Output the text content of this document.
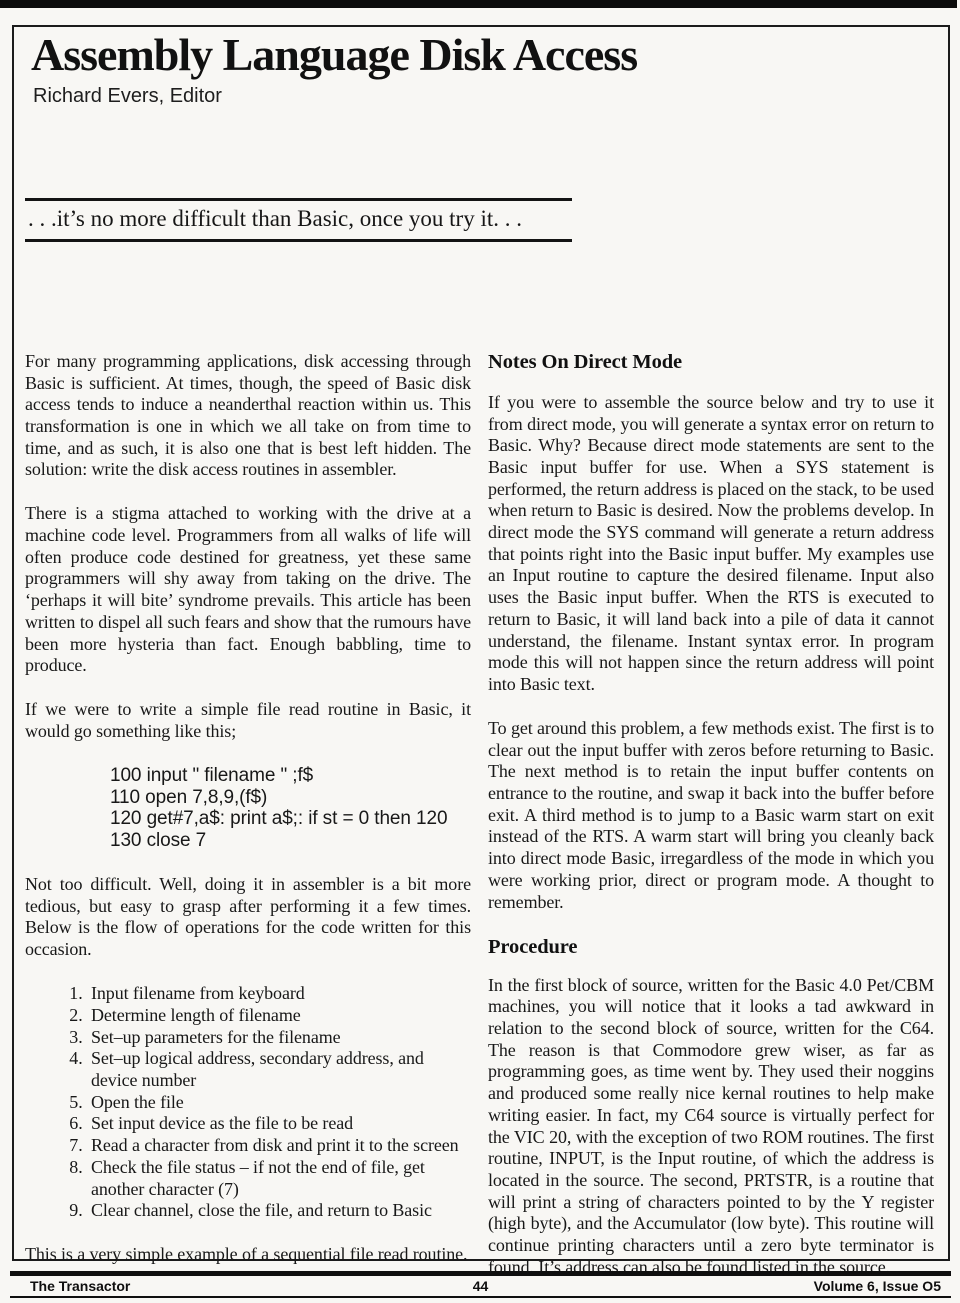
Assembly Language Disk Access
Richard Evers, Editor
. . .it’s no more difficult than Basic, once you try it. . .

For many programming applications, disk accessing through Basic is sufficient. At times, though, the speed of Basic disk access tends to induce a neanderthal reaction within us. This transformation is one in which we all take on from time to time, and as such, it is also one that is best left hidden. The solution: write the disk access routines in assembler.

There is a stigma attached to working with the drive at a machine code level. Programmers from all walks of life will often produce code destined for greatness, yet these same programmers will shy away from taking on the drive. The ‘perhaps it will bite’ syndrome prevails. This article has been written to dispel all such fears and show that the rumours have been more hysteria than fact. Enough babbling, time to produce.

If we were to write a simple file read routine in Basic, it would go something like this;

100 input " filename " ;f$
110 open 7,8,9,(f$)
120 get#7,a$: print a$;: if st = 0 then 120
130 close 7

Not too difficult. Well, doing it in assembler is a bit more tedious, but easy to grasp after performing it a few times. Below is the flow of operations for the code written for this occasion.

1. Input filename from keyboard
2. Determine length of filename
3. Set–up parameters for the filename
4. Set–up logical address, secondary address, and device number
5. Open the file
6. Set input device as the file to be read
7. Read a character from disk and print it to the screen
8. Check the file status – if not the end of file, get another character (7)
9. Clear channel, close the file, and return to Basic

This is a very simple example of a sequential file read routine.

Notes On Direct Mode

If you were to assemble the source below and try to use it from direct mode, you will generate a syntax error on return to Basic. Why? Because direct mode statements are sent to the Basic input buffer for use. When a SYS statement is performed, the return address is placed on the stack, to be used when return to Basic is desired. Now the problems develop. In direct mode the SYS command will generate a return address that points right into the Basic input buffer. My examples use an Input routine to capture the desired filename. Input also uses the Basic input buffer. When the RTS is executed to return to Basic, it will land back into a pile of data it cannot understand, the filename. Instant syntax error. In program mode this will not happen since the return address will point into Basic text.

To get around this problem, a few methods exist. The first is to clear out the input buffer with zeros before returning to Basic. The next method is to retain the input buffer contents on entrance to the routine, and swap it back into the buffer before exit. A third method is to jump to a Basic warm start on exit instead of the RTS. A warm start will bring you cleanly back into direct mode Basic, irregardless of the mode in which you were working prior, direct or program mode. A thought to remember.

Procedure

In the first block of source, written for the Basic 4.0 Pet/CBM machines, you will notice that it looks a tad awkward in relation to the second block of source, written for the C64. The reason is that Commodore grew wiser, as far as programming goes, as time went by. They used their noggins and produced some really nice kernal routines to help make writing easier. In fact, my C64 source is virtually perfect for the VIC 20, with the exception of two ROM routines. The first routine, INPUT, is the Input routine, of which the address is located in the source. The second, PRTSTR, is a routine that will print a string of characters pointed to by the Y register (high byte), and the Accumulator (low byte). This routine will continue printing characters until a zero byte terminator is found. It’s address can also be found listed in the source.

The Transactor	44	Volume 6, Issue O5
